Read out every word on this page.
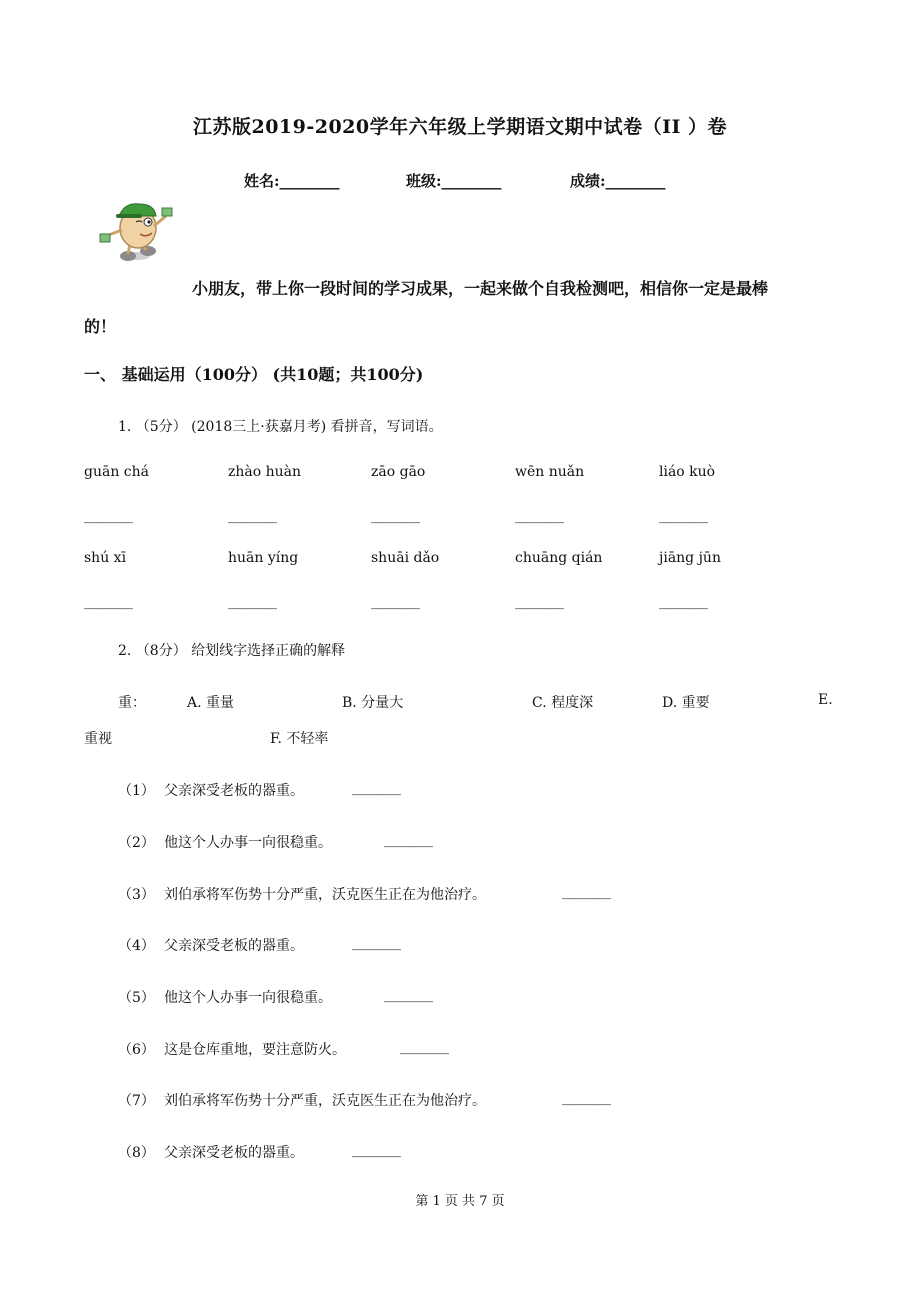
江苏版2019-2020学年六年级上学期语文期中试卷（II ）卷
姓名:________	班级:________	成绩:________
小朋友，带上你一段时间的学习成果，一起来做个自我检测吧，相信你一定是最棒
的！
一、 基础运用（100分） (共10题；共100分)
1. （5分） (2018三上·获嘉月考) 看拼音，写词语。
guān chá	zhào huàn	zāo gāo	wēn nuǎn	liáo kuò
________	________	________	________	________
shú xī	huān yíng	shuāi dǎo	chuāng qián	jiāng jūn
________	________	________	________	________
2. （8分） 给划线字选择正确的解释
重：	A. 重量	B. 分量大	C. 程度深	D. 重要	E.
重视	F. 不轻率
（1） 父亲深受老板的器重。	________
（2） 他这个人办事一向很稳重。	________
（3） 刘伯承将军伤势十分严重，沃克医生正在为他治疗。	________
（4） 父亲深受老板的器重。	________
（5） 他这个人办事一向很稳重。	________
（6） 这是仓库重地，要注意防火。	________
（7） 刘伯承将军伤势十分严重，沃克医生正在为他治疗。	________
（8） 父亲深受老板的器重。	________
第 1 页 共 7 页
